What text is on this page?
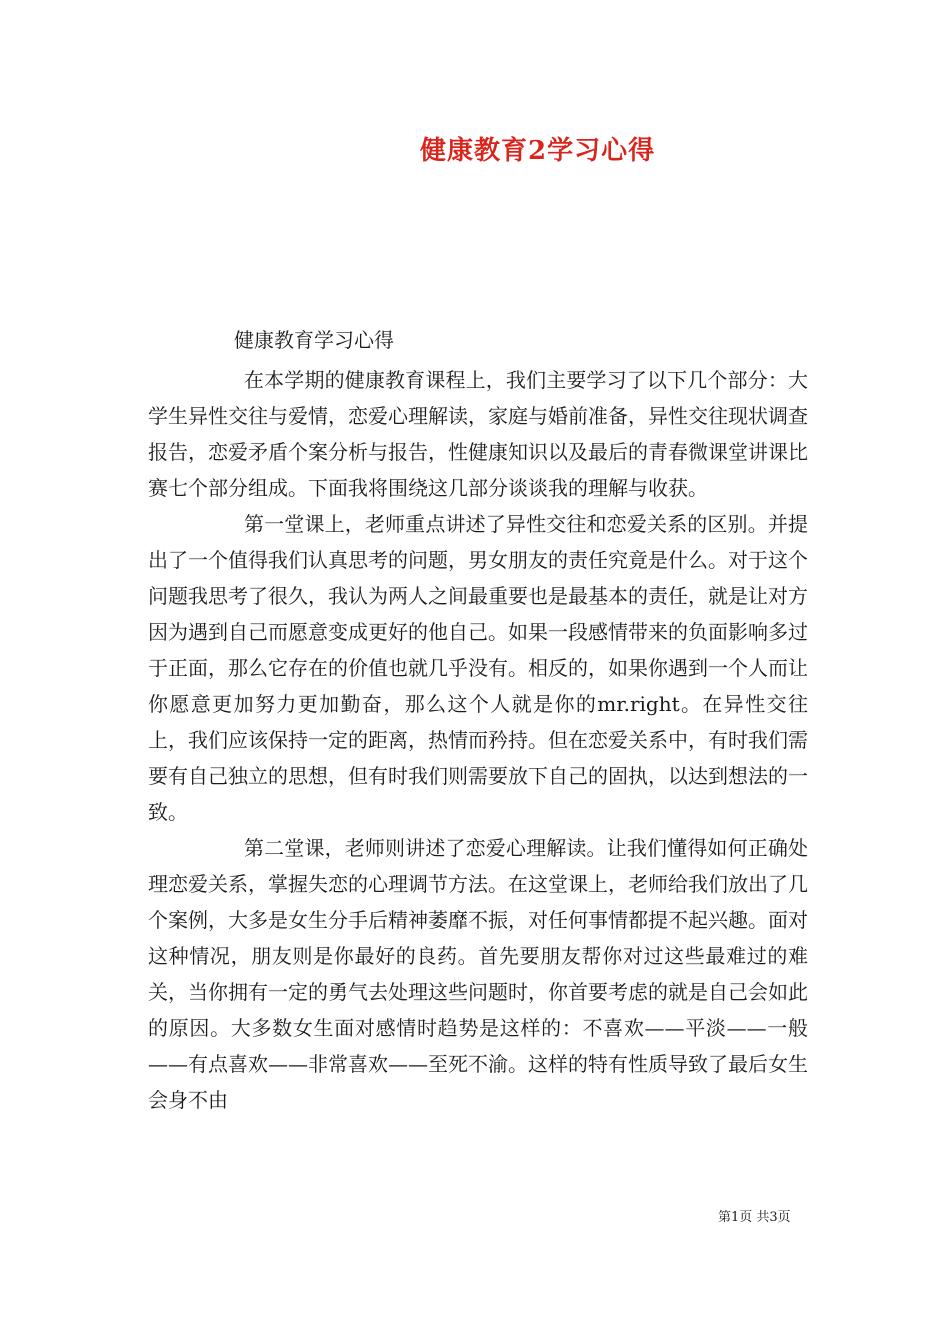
健康教育2学习心得
健康教育学习心得

在本学期的健康教育课程上，我们主要学习了以下几个部分：大学生异性交往与爱情，恋爱心理解读，家庭与婚前准备，异性交往现状调查报告，恋爱矛盾个案分析与报告，性健康知识以及最后的青春微课堂讲课比赛七个部分组成。下面我将围绕这几部分谈谈我的理解与收获。

第一堂课上，老师重点讲述了异性交往和恋爱关系的区别。并提出了一个值得我们认真思考的问题，男女朋友的责任究竟是什么。对于这个问题我思考了很久，我认为两人之间最重要也是最基本的责任，就是让对方因为遇到自己而愿意变成更好的他自己。如果一段感情带来的负面影响多过于正面，那么它存在的价值也就几乎没有。相反的，如果你遇到一个人而让你愿意更加努力更加勤奋，那么这个人就是你的mr.right。在异性交往上，我们应该保持一定的距离，热情而矜持。但在恋爱关系中，有时我们需要有自己独立的思想，但有时我们则需要放下自己的固执，以达到想法的一致。

第二堂课，老师则讲述了恋爱心理解读。让我们懂得如何正确处理恋爱关系，掌握失恋的心理调节方法。在这堂课上，老师给我们放出了几个案例，大多是女生分手后精神萎靡不振，对任何事情都提不起兴趣。面对这种情况，朋友则是你最好的良药。首先要朋友帮你对过这些最难过的难关，当你拥有一定的勇气去处理这些问题时，你首要考虑的就是自己会如此的原因。大多数女生面对感情时趋势是这样的：不喜欢——平淡——一般——有点喜欢——非常喜欢——至死不渝。这样的特有性质导致了最后女生会身不由

第1页 共3页
